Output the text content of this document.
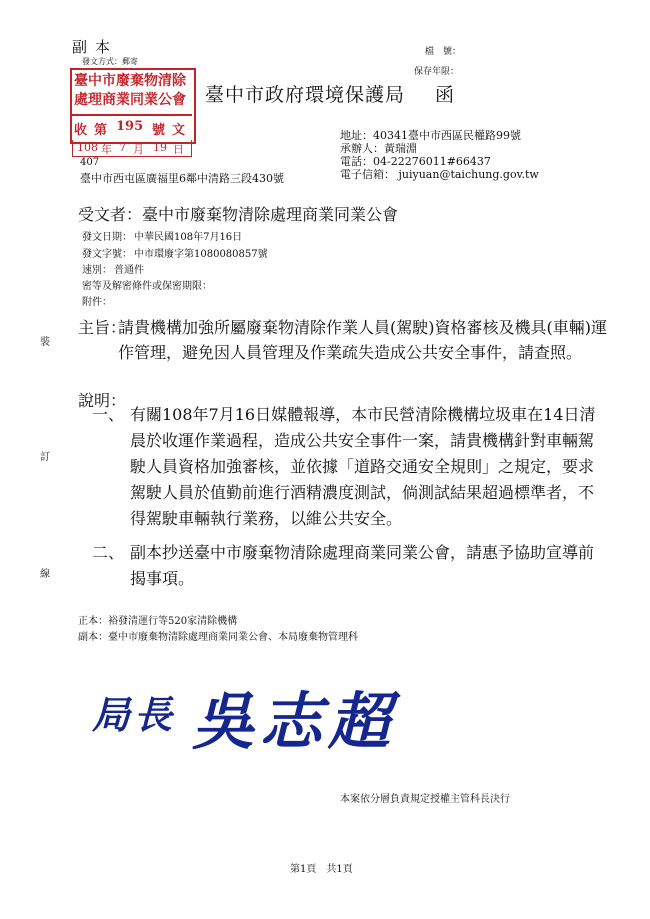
副本
發文方式：郵寄
檔　號：
保存年限：
臺中市廢棄物清除
處理商業同業公會
收 第 195 號 文
108 年 7 月 19 日
臺中市政府環境保護局 函
地址：40341臺中市西區民權路99號
承辦人：黃瑞淵
電話：04-22276011#66437
電子信箱： juiyuan@taichung.gov.tw
407
臺中市西屯區廣福里6鄰中清路三段430號
受文者：臺中市廢棄物清除處理商業同業公會
發文日期： 中華民國108年7月16日
發文字號： 中市環廢字第1080080857號
速別： 普通件
密等及解密條件或保密期限：
附件：
裝
訂
線
主旨：
請貴機構加強所屬廢棄物清除作業人員(駕駛)資格審核及機具(車輛)運作管理，避免因人員管理及作業疏失造成公共安全事件，請查照。
說明：
一、 有關108年7月16日媒體報導，本市民營清除機構垃圾車在14日清晨於收運作業過程，造成公共安全事件一案，請貴機構針對車輛駕駛人員資格加強審核，並依據「道路交通安全規則」之規定，要求駕駛人員於值勤前進行酒精濃度測試，倘測試結果超過標準者，不得駕駛車輛執行業務，以維公共安全。
二、 副本抄送臺中市廢棄物清除處理商業同業公會，請惠予協助宣導前揭事項。
正本：裕發清運行等520家清除機構
副本：臺中市廢棄物清除處理商業同業公會、本局廢棄物管理科
局長 吳志超
本案依分層負責規定授權主管科長決行
第1頁　共1頁
